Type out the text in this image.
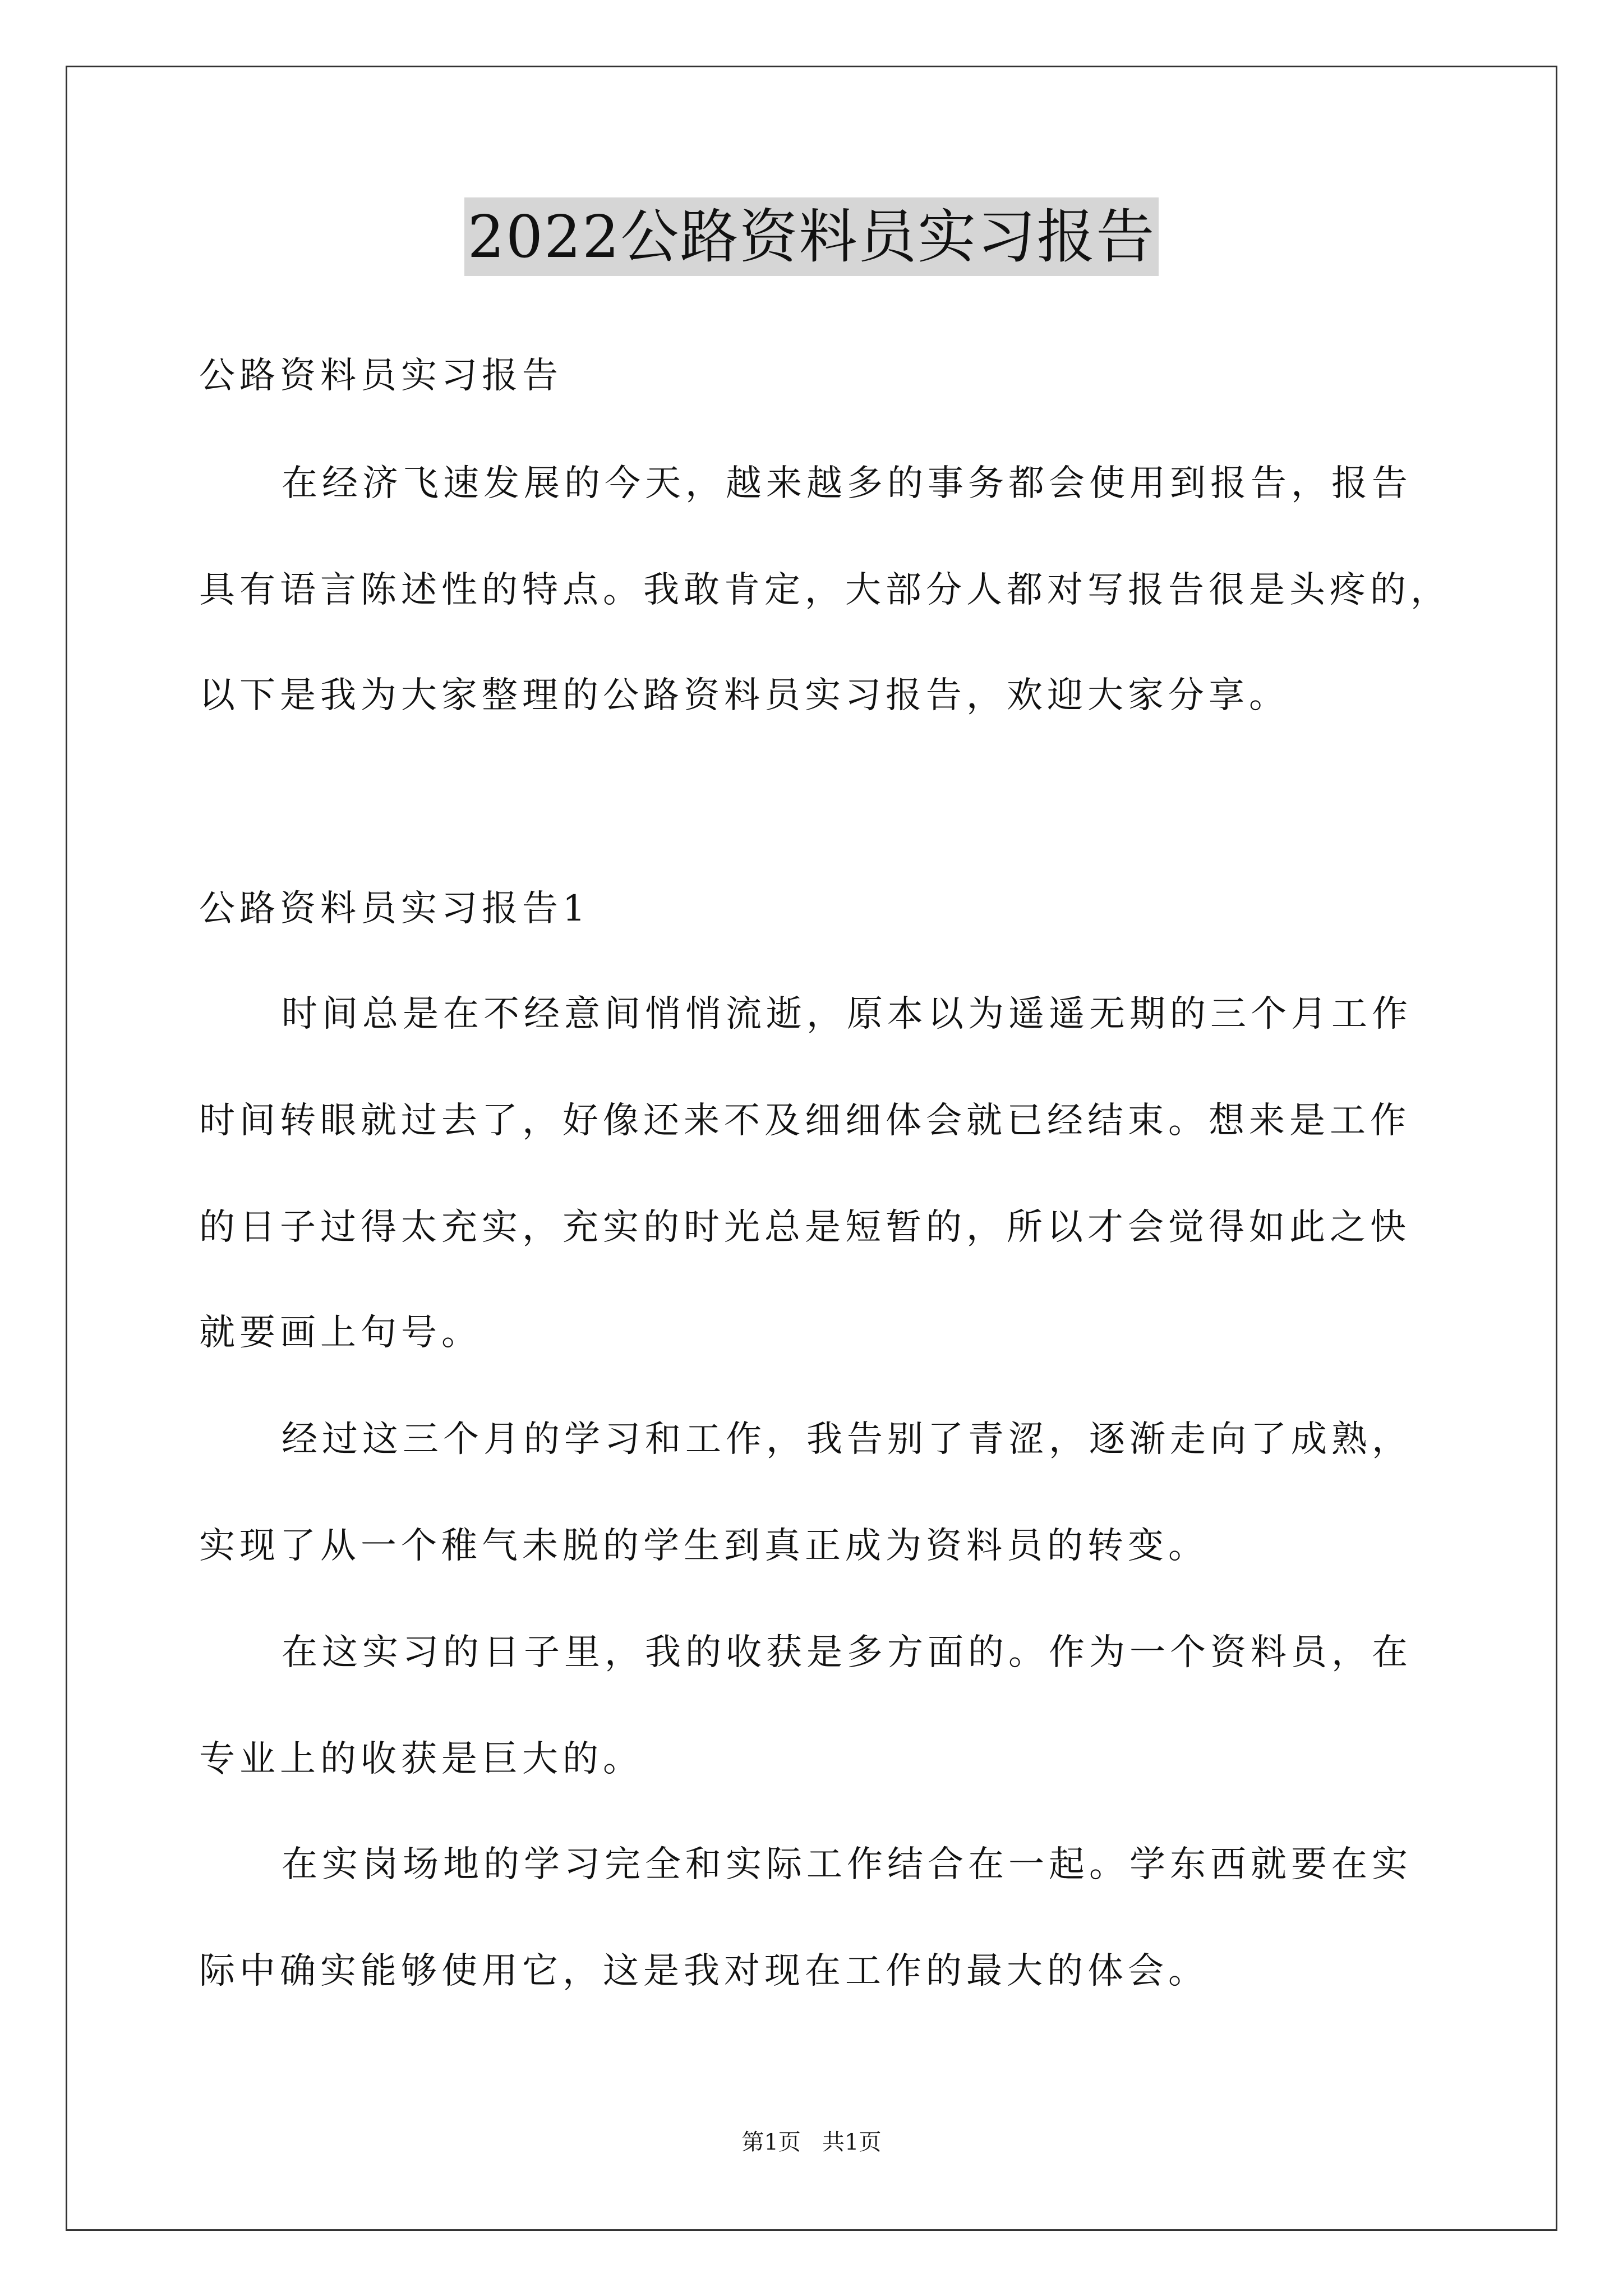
2022公路资料员实习报告
公路资料员实习报告
在经济飞速发展的今天，越来越多的事务都会使用到报告，报告
具有语言陈述性的特点。我敢肯定，大部分人都对写报告很是头疼的，
以下是我为大家整理的公路资料员实习报告，欢迎大家分享。
公路资料员实习报告1
时间总是在不经意间悄悄流逝，原本以为遥遥无期的三个月工作
时间转眼就过去了，好像还来不及细细体会就已经结束。想来是工作
的日子过得太充实，充实的时光总是短暂的，所以才会觉得如此之快
就要画上句号。
经过这三个月的学习和工作，我告别了青涩，逐渐走向了成熟，
实现了从一个稚气未脱的学生到真正成为资料员的转变。
在这实习的日子里，我的收获是多方面的。作为一个资料员，在
专业上的收获是巨大的。
在实岗场地的学习完全和实际工作结合在一起。学东西就要在实
际中确实能够使用它，这是我对现在工作的最大的体会。
第1页   共1页
